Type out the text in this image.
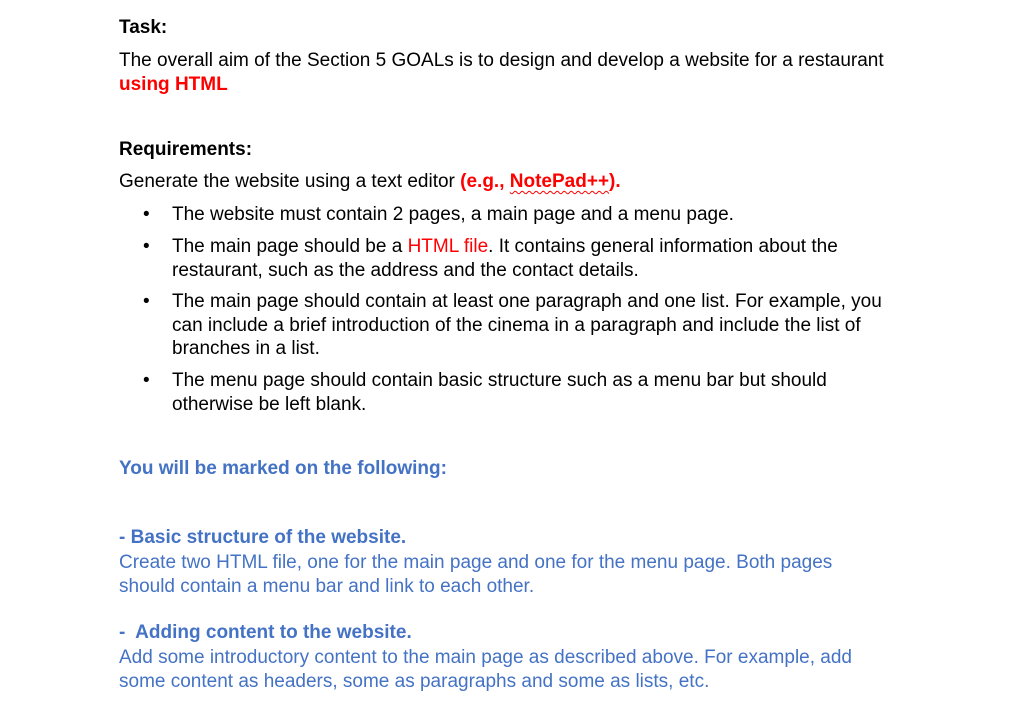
Task:
The overall aim of the Section 5 GOALs is to design and develop a website for a restaurant using HTML
Requirements:
Generate the website using a text editor (e.g., NotePad++).
• The website must contain 2 pages, a main page and a menu page.
• The main page should be a HTML file. It contains general information about the restaurant, such as the address and the contact details.
• The main page should contain at least one paragraph and one list. For example, you can include a brief introduction of the cinema in a paragraph and include the list of branches in a list.
• The menu page should contain basic structure such as a menu bar but should otherwise be left blank.
You will be marked on the following:
- Basic structure of the website.
Create two HTML file, one for the main page and one for the menu page. Both pages should contain a menu bar and link to each other.
-  Adding content to the website.
Add some introductory content to the main page as described above. For example, add some content as headers, some as paragraphs and some as lists, etc.
